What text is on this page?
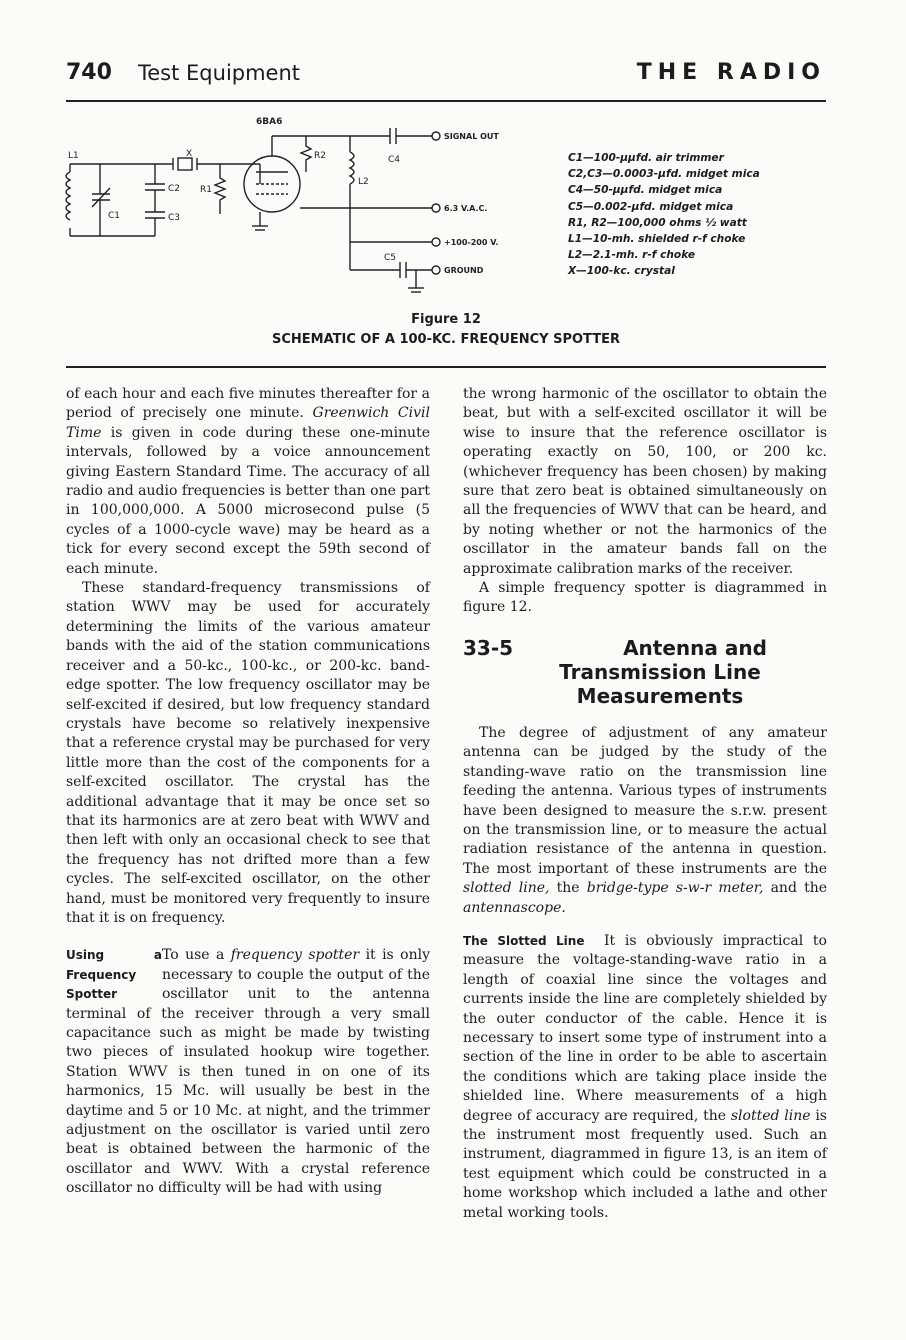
740 Test Equipment	THE RADIO
6BA6
L1
C1
X
C2
C3
R1
R2
L2
C4
SIGNAL OUT
6.3 V.A.C.
+100-200 V.
C5
GROUND
C1—100-μμfd. air trimmer
C2,C3—0.0003-μfd. midget mica
C4—50-μμfd. midget mica
C5—0.002-μfd. midget mica
R1, R2—100,000 ohms ½ watt
L1—10-mh. shielded r-f choke
L2—2.1-mh. r-f choke
X—100-kc. crystal
Figure 12
SCHEMATIC OF A 100-KC. FREQUENCY SPOTTER

of each hour and each five minutes thereafter for a period of precisely one minute. Greenwich Civil Time is given in code during these one-minute intervals, followed by a voice announcement giving Eastern Standard Time. The accuracy of all radio and audio frequencies is better than one part in 100,000,000. A 5000 microsecond pulse (5 cycles of a 1000-cycle wave) may be heard as a tick for every second except the 59th second of each minute.

These standard-frequency transmissions of station WWV may be used for accurately determining the limits of the various amateur bands with the aid of the station communications receiver and a 50-kc., 100-kc., or 200-kc. band-edge spotter. The low frequency oscillator may be self-excited if desired, but low frequency standard crystals have become so relatively inexpensive that a reference crystal may be purchased for very little more than the cost of the components for a self-excited oscillator. The crystal has the additional advantage that it may be once set so that its harmonics are at zero beat with WWV and then left with only an occasional check to see that the frequency has not drifted more than a few cycles. The self-excited oscillator, on the other hand, must be monitored very frequently to insure that it is on frequency.

Using a Frequency Spotter

To use a frequency spotter it is only necessary to couple the output of the oscillator unit to the antenna terminal of the receiver through a very small capacitance such as might be made by twisting two pieces of insulated hookup wire together. Station WWV is then tuned in on one of its harmonics, 15 Mc. will usually be best in the daytime and 5 or 10 Mc. at night, and the trimmer adjustment on the oscillator is varied until zero beat is obtained between the harmonic of the oscillator and WWV. With a crystal reference oscillator no difficulty will be had with using

the wrong harmonic of the oscillator to obtain the beat, but with a self-excited oscillator it will be wise to insure that the reference oscillator is operating exactly on 50, 100, or 200 kc. (whichever frequency has been chosen) by making sure that zero beat is obtained simultaneously on all the frequencies of WWV that can be heard, and by noting whether or not the harmonics of the oscillator in the amateur bands fall on the approximate calibration marks of the receiver.

A simple frequency spotter is diagrammed in figure 12.

33-5	Antenna and Transmission Line Measurements

The degree of adjustment of any amateur antenna can be judged by the study of the standing-wave ratio on the transmission line feeding the antenna. Various types of instruments have been designed to measure the s.r.w. present on the transmission line, or to measure the actual radiation resistance of the antenna in question. The most important of these instruments are the slotted line, the bridge-type s-w-r meter, and the antennascope.

The Slotted Line It is obviously impractical to measure the voltage-standing-wave ratio in a length of coaxial line since the voltages and currents inside the line are completely shielded by the outer conductor of the cable. Hence it is necessary to insert some type of instrument into a section of the line in order to be able to ascertain the conditions which are taking place inside the shielded line. Where measurements of a high degree of accuracy are required, the slotted line is the instrument most frequently used. Such an instrument, diagrammed in figure 13, is an item of test equipment which could be constructed in a home workshop which included a lathe and other metal working tools.
